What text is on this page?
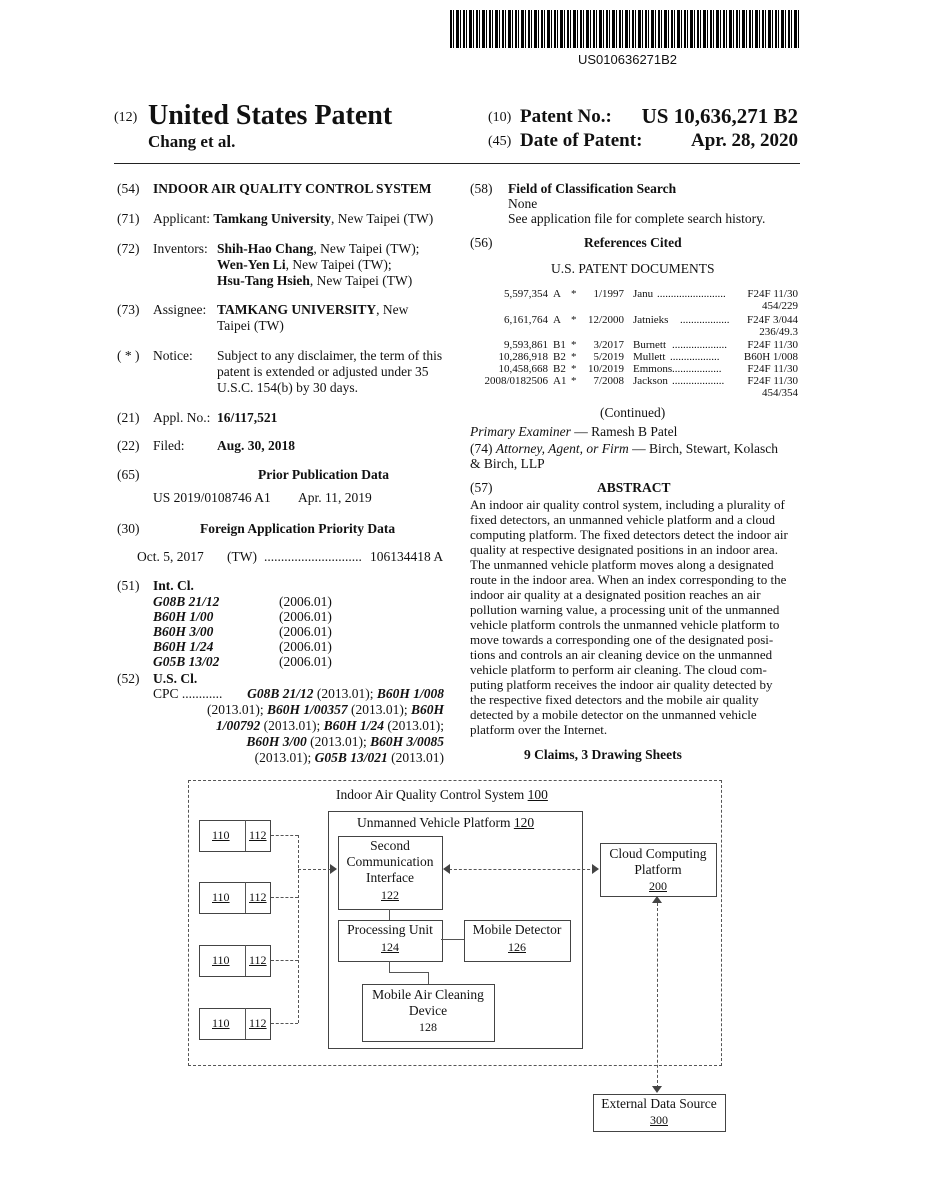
US010636271B2
(12) United States Patent
Chang et al.
(10) Patent No.:	US 10,636,271 B2
(45) Date of Patent:	Apr. 28, 2020
(54) INDOOR AIR QUALITY CONTROL SYSTEM
(71) Applicant: Tamkang University, New Taipei (TW)
(72) Inventors: Shih-Hao Chang, New Taipei (TW);
Wen-Yen Li, New Taipei (TW);
Hsu-Tang Hsieh, New Taipei (TW)
(73) Assignee: TAMKANG UNIVERSITY, New
Taipei (TW)
( * ) Notice: Subject to any disclaimer, the term of this
patent is extended or adjusted under 35
U.S.C. 154(b) by 30 days.
(21) Appl. No.: 16/117,521
(22) Filed: Aug. 30, 2018
(65)	Prior Publication Data
US 2019/0108746 A1 Apr. 11, 2019
(30)	Foreign Application Priority Data
Oct. 5, 2017 (TW) ............................. 106134418 A
(51) Int. Cl.
G08B 21/12	(2006.01)
B60H 1/00	(2006.01)
B60H 3/00	(2006.01)
B60H 1/24	(2006.01)
G05B 13/02	(2006.01)
(52) U.S. Cl.
CPC ............	G08B 21/12 (2013.01); B60H 1/008
(2013.01); B60H 1/00357 (2013.01); B60H
1/00792 (2013.01); B60H 1/24 (2013.01);
B60H 3/00 (2013.01); B60H 3/0085
(2013.01); G05B 13/021 (2013.01)
(58) Field of Classification Search
None
See application file for complete search history.
(56)	References Cited
U.S. PATENT DOCUMENTS
5,597,354 A *	1/1997 Janu .........................	F24F 11/30
454/229
6,161,764 A *	12/2000 Jatnieks ..................	F24F 3/044
236/49.3
9,593,861 B1 *	3/2017 Burnett ....................	F24F 11/30
10,286,918 B2 *	5/2019 Mullett ..................	B60H 1/008
10,458,668 B2 *	10/2019 Emmons ..................	F24F 11/30
2008/0182506 A1 *	7/2008 Jackson ...................	F24F 11/30
454/354
(Continued)
Primary Examiner — Ramesh B Patel
(74) Attorney, Agent, or Firm — Birch, Stewart, Kolasch
& Birch, LLP
(57)	ABSTRACT
An indoor air quality control system, including a plurality of
fixed detectors, an unmanned vehicle platform and a cloud
computing platform. The fixed detectors detect the indoor air
quality at respective designated positions in an indoor area.
The unmanned vehicle platform moves along a designated
route in the indoor area. When an index corresponding to the
indoor air quality at a designated position reaches an air
pollution warning value, a processing unit of the unmanned
vehicle platform controls the unmanned vehicle platform to
move towards a corresponding one of the designated posi-
tions and controls an air cleaning device on the unmanned
vehicle platform to perform air cleaning. The cloud com-
puting platform receives the indoor air quality detected by
the respective fixed detectors and the mobile air quality
detected by a mobile detector on the unmanned vehicle
platform over the Internet.
9 Claims, 3 Drawing Sheets
Indoor Air Quality Control System 100
Unmanned Vehicle Platform 120
110 112
110 112
110 112
110 112
Second
Communication
Interface
122
Cloud Computing
Platform
200
Processing Unit
124
Mobile Detector
126
Mobile Air Cleaning
Device
128
External Data Source
300
